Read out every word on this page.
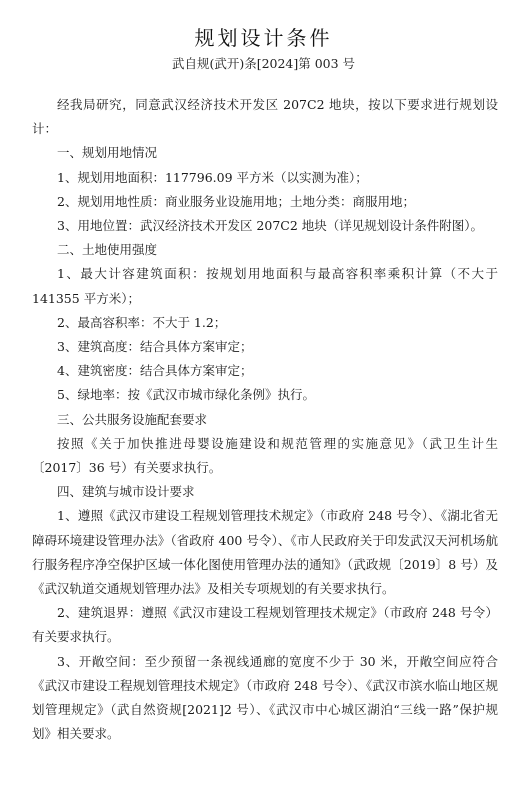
规划设计条件
武自规(武开)条[2024]第 003 号

经我局研究，同意武汉经济技术开发区 207C2 地块，按以下要求进行规划设计：

一、规划用地情况

1、规划用地面积：117796.09 平方米（以实测为准）；

2、规划用地性质：商业服务业设施用地；土地分类：商服用地；

3、用地位置：武汉经济技术开发区 207C2 地块（详见规划设计条件附图）。

二、土地使用强度

1、最大计容建筑面积：按规划用地面积与最高容积率乘积计算（不大于 141355 平方米）；

2、最高容积率：不大于 1.2；

3、建筑高度：结合具体方案审定；

4、建筑密度：结合具体方案审定；

5、绿地率：按《武汉市城市绿化条例》执行。

三、公共服务设施配套要求

按照《关于加快推进母婴设施建设和规范管理的实施意见》（武卫生计生〔2017〕36 号）有关要求执行。

四、建筑与城市设计要求

1、遵照《武汉市建设工程规划管理技术规定》（市政府 248 号令）、《湖北省无障碍环境建设管理办法》（省政府 400 号令）、《市人民政府关于印发武汉天河机场航行服务程序净空保护区域一体化图使用管理办法的通知》（武政规〔2019〕8 号）及《武汉轨道交通规划管理办法》及相关专项规划的有关要求执行。

2、建筑退界：遵照《武汉市建设工程规划管理技术规定》（市政府 248 号令）有关要求执行。

3、开敞空间：至少预留一条视线通廊的宽度不少于 30 米，开敞空间应符合《武汉市建设工程规划管理技术规定》（市政府 248 号令）、《武汉市滨水临山地区规划管理规定》（武自然资规[2021]2 号）、《武汉市中心城区湖泊“三线一路”保护规划》相关要求。
